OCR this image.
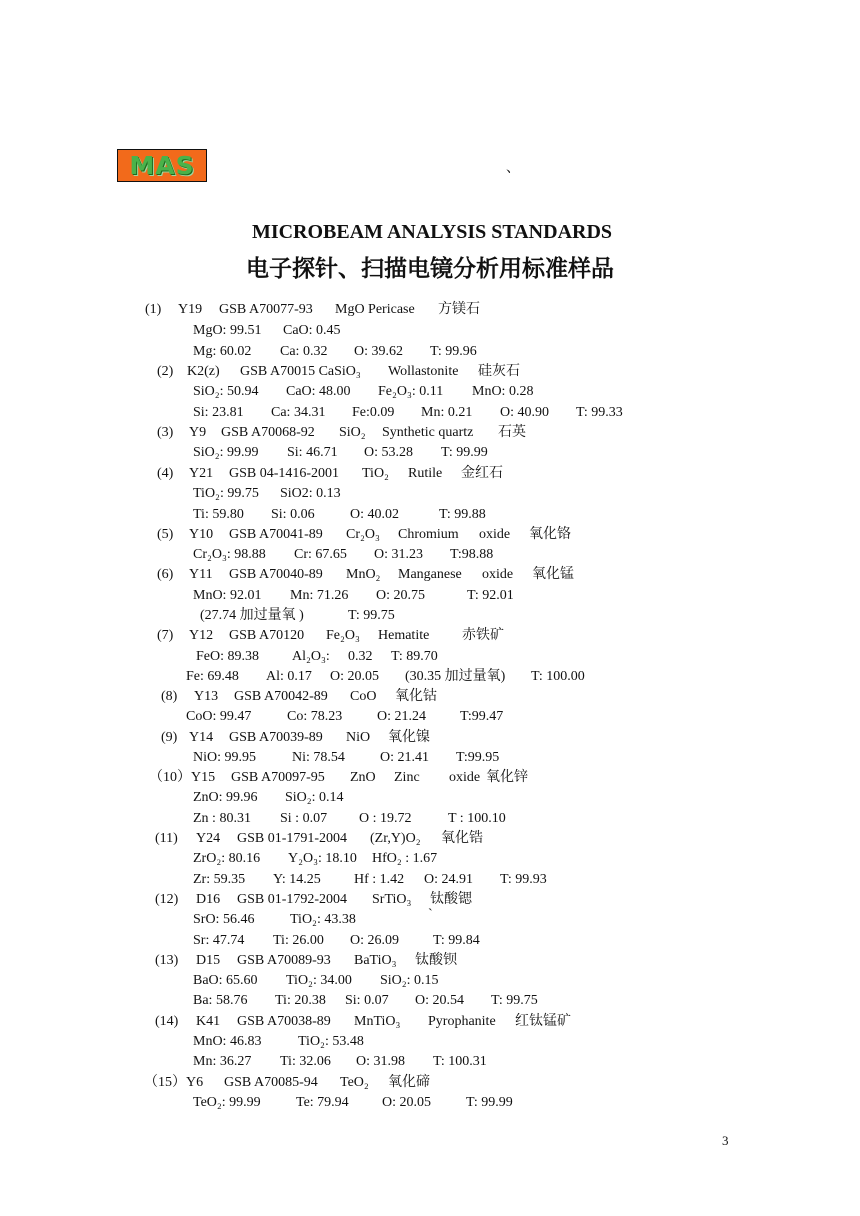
MAS	、
MICROBEAM ANALYSIS STANDARDS
电子探针、扫描电镜分析用标准样品
(1) Y19 GSB A70077-93 MgO Pericase 方镁石
MgO: 99.51 CaO: 0.45
Mg: 60.02 Ca: 0.32 O: 39.62 T: 99.96
(2) K2(z) GSB A70015 CaSiO₃ Wollastonite 硅灰石
SiO₂: 50.94 CaO: 48.00 Fe₂O₃: 0.11 MnO: 0.28
Si: 23.81 Ca: 34.31 Fe:0.09 Mn: 0.21 O: 40.90 T: 99.33
(3) Y9 GSB A70068-92 SiO₂ Synthetic quartz 石英
SiO₂: 99.99 Si: 46.71 O: 53.28 T: 99.99
(4) Y21 GSB 04-1416-2001 TiO₂ Rutile 金红石
TiO₂: 99.75 SiO2: 0.13
Ti: 59.80 Si: 0.06	O: 40.02	T: 99.88
(5) Y10 GSB A70041-89 Cr₂O₃ Chromium oxide 氧化铬
Cr₂O₃: 98.88 Cr: 67.65 O: 31.23 T:98.88
(6) Y11 GSB A70040-89 MnO₂ Manganese oxide 氧化锰
MnO: 92.01 Mn: 71.26 O: 20.75	T: 92.01
(27.74 加过量氧 )	T: 99.75
(7) Y12 GSB A70120 Fe₂O₃ Hematite 赤铁矿
FeO: 89.38 Al₂O₃: 0.32 T: 89.70
Fe: 69.48 Al: 0.17 O: 20.05 (30.35 加过量氧) T: 100.00
(8) Y13 GSB A70042-89 CoO 氧化钴
CoO: 99.47	Co: 78.23 O: 21.24 T:99.47
(9) Y14 GSB A70039-89 NiO 氧化镍
NiO: 99.95	Ni: 78.54	O: 21.41 T:99.95
（10）Y15 GSB A70097-95 ZnO Zinc oxide 氧化锌
ZnO: 99.96 SiO₂: 0.14
Zn : 80.31 Si : 0.07 O : 19.72	T : 100.10
(11) Y24 GSB 01-1791-2004 (Zr,Y)O₂ 氧化锆
ZrO₂: 80.16 Y₂O₃: 18.10 HfO₂ : 1.67
Zr: 59.35 Y: 14.25 Hf : 1.42 O: 24.91 T: 99.93
(12) D16 GSB 01-1792-2004 SrTiO₃ 钛酸锶
SrO: 56.46	TiO₂: 43.38
Sr: 47.74 Ti: 26.00 O: 26.09 T: 99.84
(13) D15 GSB A70089-93 BaTiO₃ 钛酸钡
BaO: 65.60 TiO₂: 34.00 SiO₂: 0.15
Ba: 58.76 Ti: 20.38 Si: 0.07 O: 20.54 T: 99.75
(14) K41 GSB A70038-89 MnTiO₃ Pyrophanite 红钛锰矿
MnO: 46.83	TiO₂: 53.48
Mn: 36.27 Ti: 32.06 O: 31.98 T: 100.31
（15）Y6 GSB A70085-94 TeO₂ 氧化碲
TeO₂: 99.99	Te: 79.94 O: 20.05	T: 99.99
`
3
